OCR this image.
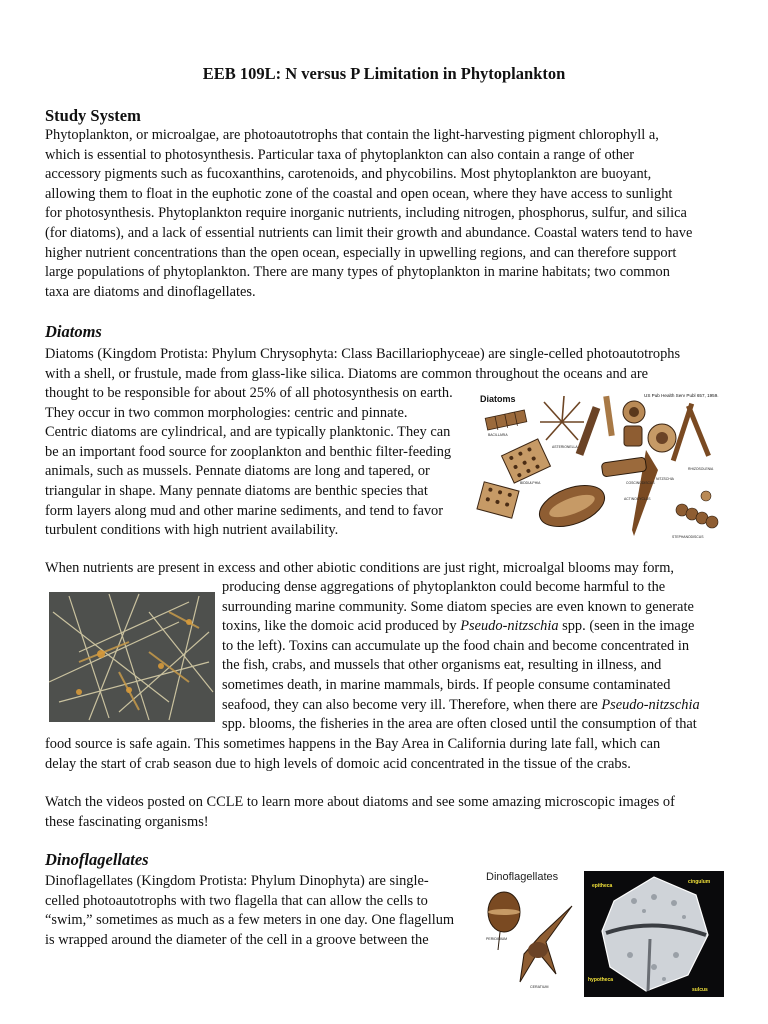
EEB 109L: N versus P Limitation in Phytoplankton
Study System
Phytoplankton, or microalgae, are photoautotrophs that contain the light-harvesting pigment chlorophyll a,
which is essential to photosynthesis. Particular taxa of phytoplankton can also contain a range of other
accessory pigments such as fucoxanthins, carotenoids, and phycobilins. Most phytoplankton are buoyant,
allowing them to float in the euphotic zone of the coastal and open ocean, where they have access to sunlight
for photosynthesis. Phytoplankton require inorganic nutrients, including nitrogen, phosphorus, sulfur, and silica
(for diatoms), and a lack of essential nutrients can limit their growth and abundance. Coastal waters tend to have
higher nutrient concentrations than the open ocean, especially in upwelling regions, and can therefore support
large populations of phytoplankton. There are many types of phytoplankton in marine habitats; two common
taxa are diatoms and dinoflagellates.
Diatoms
Diatoms (Kingdom Protista: Phylum Chrysophyta: Class Bacillariophyceae) are single-celled photoautotrophs
with a shell, or frustule, made from glass-like silica. Diatoms are common throughout the oceans and are
thought to be responsible for about 25% of all photosynthesis on earth.
They occur in two common morphologies: centric and pinnate.
Centric diatoms are cylindrical, and are typically planktonic. They can
be an important food source for zooplankton and benthic filter-feeding
animals, such as mussels. Pennate diatoms are long and tapered, or
triangular in shape. Many pennate diatoms are benthic species that
form layers along mud and other marine sediments, and tend to favor
turbulent conditions with high nutrient availability.
Diatoms	US Pub Health Serv Publ 657, 1959.
BACILLARIA
ASTERIONELLA
NITZSCHIA
COSCINODISCUS
BIDDULPHIA
RHIZOSOLENIA
ACTINOCYCLUS
STEPHANODISCUS
When nutrients are present in excess and other abiotic conditions are just right, microalgal blooms may form,
producing dense aggregations of phytoplankton could become harmful to the
surrounding marine community. Some diatom species are even known to generate
toxins, like the domoic acid produced by Pseudo-nitzschia spp. (seen in the image
to the left). Toxins can accumulate up the food chain and become concentrated in
the fish, crabs, and mussels that other organisms eat, resulting in illness, and
sometimes death, in marine mammals, birds. If people consume contaminated
seafood, they can also become very ill. Therefore, when there are Pseudo-nitzschia
spp. blooms, the fisheries in the area are often closed until the consumption of that
food source is safe again. This sometimes happens in the Bay Area in California during late fall, which can
delay the start of crab season due to high levels of domoic acid concentrated in the tissue of the crabs.
Watch the videos posted on CCLE to learn more about diatoms and see some amazing microscopic images of
these fascinating organisms!
Dinoflagellates
Dinoflagellates (Kingdom Protista: Phylum Dinophyta) are single-
celled photoautotrophs with two flagella that can allow the cells to
“swim,” sometimes as much as a few meters in one day. One flagellum
is wrapped around the diameter of the cell in a groove between the
Dinoflagellates
PERIDINIUM
CERATIUM
epitheca
cingulum
hypotheca
sulcus
